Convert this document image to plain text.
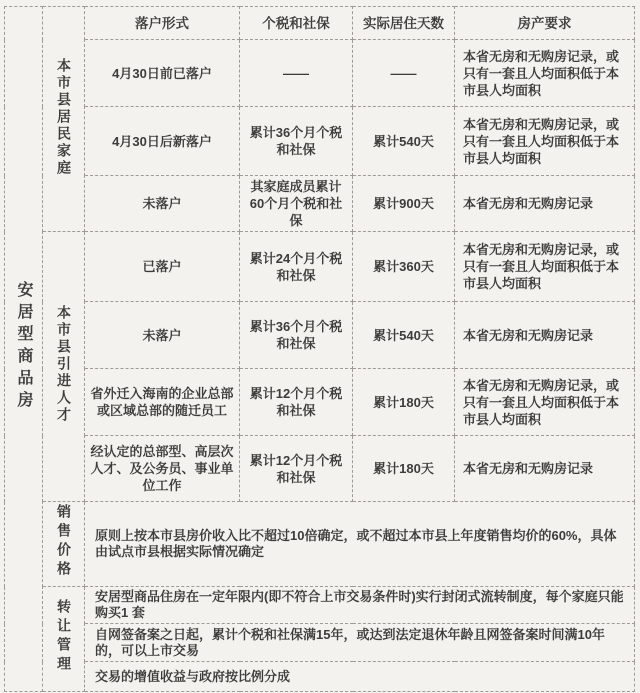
安居型商品房	本市县居民家庭	落户形式	个税和社保	实际居住天数	房产要求
		4月30日前已落户	——	——	本省无房和无购房记录，或只有一套且人均面积低于本市县人均面积
		4月30日后新落户	累计36个月个税和社保	累计540天	本省无房和无购房记录，或只有一套且人均面积低于本市县人均面积
		未落户	其家庭成员累计60个月个税和社保	累计900天	本省无房和无购房记录
	本市县引进人才	已落户	累计24个月个税和社保	累计360天	本省无房和无购房记录，或只有一套且人均面积低于本市县人均面积
		未落户	累计36个月个税和社保	累计540天	本省无房和无购房记录
		省外迁入海南的企业总部或区域总部的随迁员工	累计12个月个税和社保	累计180天	本省无房和无购房记录，或只有一套且人均面积低于本市县人均面积
		经认定的总部型、高层次人才、及公务员、事业单位工作	累计12个月个税和社保	累计180天	本省无房和无购房记录
	销售价格	原则上按本市县房价收入比不超过10倍确定，或不超过本市县上年度销售均价的60%，具体由试点市县根据实际情况确定			
	转让管理	安居型商品住房在一定年限内(即不符合上市交易条件时)实行封闭式流转制度，每个家庭只能购买1 套			
		自网签备案之日起，累计个税和社保满15年，或达到法定退休年龄且网签备案时间满10年的，可以上市交易			
		交易的增值收益与政府按比例分成			
